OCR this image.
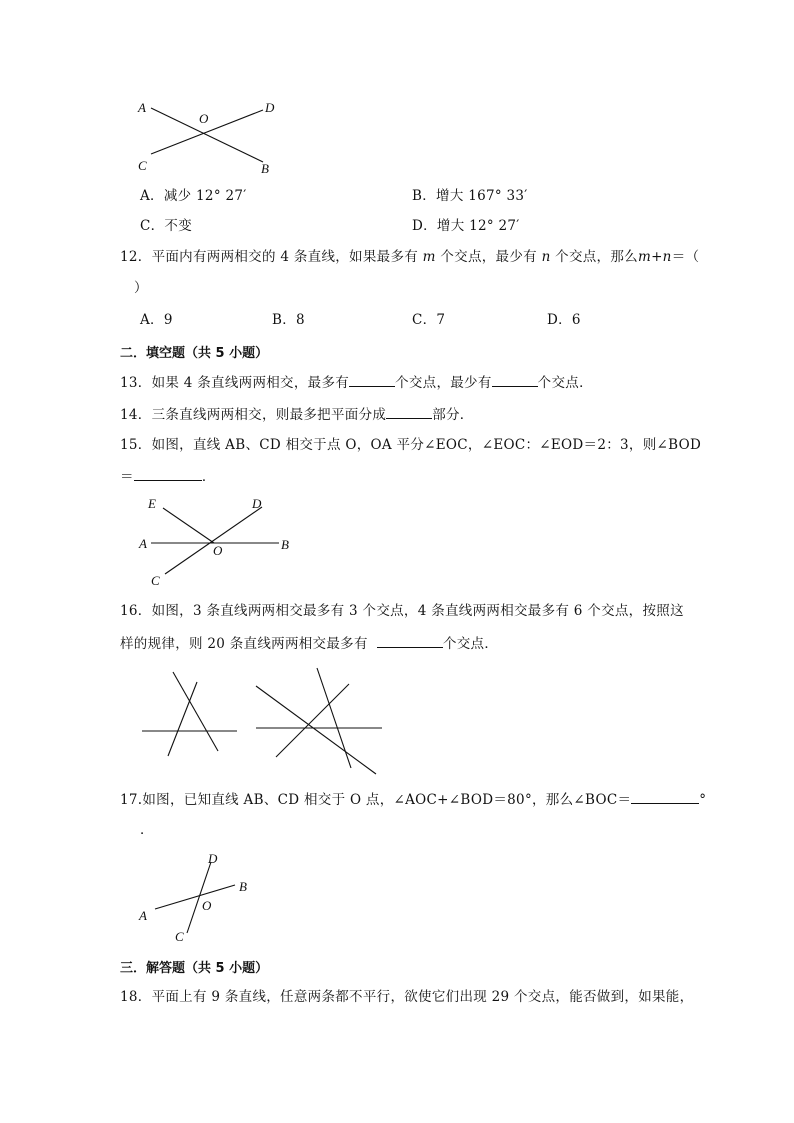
A
O
D
C	B
A．减少 12° 27′	B．增大 167° 33′
C．不变	D．增大 12° 27′
12．平面内有两两相交的 4 条直线，如果最多有 m 个交点，最少有 n 个交点，那么m+n＝（
）
A．9	B．8	C．7	D．6
二．填空题（共 5 小题）
13．如果 4 条直线两两相交，最多有	个交点，最少有	个交点．
14．三条直线两两相交，则最多把平面分成	部分．
15．如图，直线 AB、CD 相交于点 O，OA 平分∠EOC，∠EOC：∠EOD＝2：3，则∠BOD
＝	．
E	D
A	O	B
C
16．如图，3 条直线两两相交最多有 3 个交点，4 条直线两两相交最多有 6 个交点，按照这
样的规律，则 20 条直线两两相交最多有	个交点．
17.如图，已知直线 AB、CD 相交于 O 点，∠AOC+∠BOD＝80°，那么∠BOC＝	°
．
D
B
A
O
C
三．解答题（共 5 小题）
18．平面上有 9 条直线，任意两条都不平行，欲使它们出现 29 个交点，能否做到，如果能，
